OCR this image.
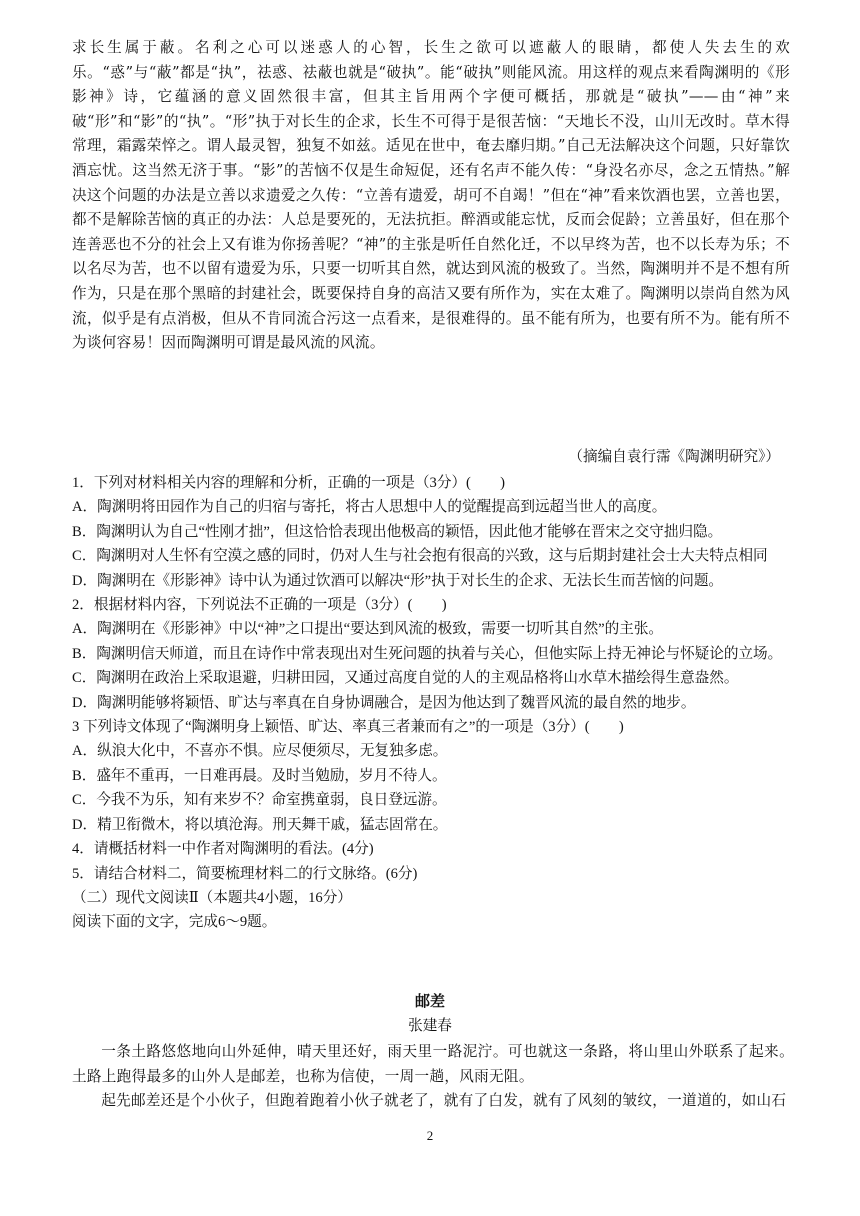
求长生属于蔽。名利之心可以迷惑人的心智，长生之欲可以遮蔽人的眼睛，都使人失去生的欢乐。“惑”与“蔽”都是“执”，祛惑、祛蔽也就是“破执”。能“破执”则能风流。用这样的观点来看陶渊明的《形影神》诗，它蕴涵的意义固然很丰富，但其主旨用两个字便可概括，那就是“破执”——由“神”来破“形”和“影”的“执”。“形”执于对长生的企求，长生不可得于是很苦恼：“天地长不没，山川无改时。草木得常理，霜露荣悴之。谓人最灵智，独复不如兹。适见在世中，奄去靡归期。”自己无法解决这个问题，只好靠饮酒忘忧。这当然无济于事。“影”的苦恼不仅是生命短促，还有名声不能久传：“身没名亦尽，念之五情热。”解决这个问题的办法是立善以求遗爱之久传：“立善有遗爱，胡可不自竭！”但在“神”看来饮酒也罢，立善也罢，都不是解除苦恼的真正的办法：人总是要死的，无法抗拒。醉酒或能忘忧，反而会促龄；立善虽好，但在那个连善恶也不分的社会上又有谁为你扬善呢？“神”的主张是听任自然化迁，不以早终为苦，也不以长寿为乐；不以名尽为苦，也不以留有遗爱为乐，只要一切听其自然，就达到风流的极致了。当然，陶渊明并不是不想有所作为，只是在那个黑暗的封建社会，既要保持自身的高洁又要有所作为，实在太难了。陶渊明以崇尚自然为风流，似乎是有点消极，但从不肯同流合污这一点看来，是很难得的。虽不能有所为，也要有所不为。能有所不为谈何容易！因而陶渊明可谓是最风流的风流。

（摘编自袁行霈《陶渊明研究》）
1．下列对材料相关内容的理解和分析，正确的一项是（3分）(　　)
A．陶渊明将田园作为自己的归宿与寄托，将古人思想中人的觉醒提高到远超当世人的高度。
B．陶渊明认为自己“性刚才拙”，但这恰恰表现出他极高的颖悟，因此他才能够在晋宋之交守拙归隐。
C．陶渊明对人生怀有空漠之感的同时，仍对人生与社会抱有很高的兴致，这与后期封建社会士大夫特点相同
D．陶渊明在《形影神》诗中认为通过饮酒可以解决“形”执于对长生的企求、无法长生而苦恼的问题。
2．根据材料内容，下列说法不正确的一项是（3分）(　　)
A．陶渊明在《形影神》中以“神”之口提出“要达到风流的极致，需要一切听其自然”的主张。
B．陶渊明信天师道，而且在诗作中常表现出对生死问题的执着与关心，但他实际上持无神论与怀疑论的立场。
C．陶渊明在政治上采取退避，归耕田园，又通过高度自觉的人的主观品格将山水草木描绘得生意盎然。
D．陶渊明能够将颖悟、旷达与率真在自身协调融合，是因为他达到了魏晋风流的最自然的地步。
3 下列诗文体现了“陶渊明身上颖悟、旷达、率真三者兼而有之”的一项是（3分）(　　)
A．纵浪大化中，不喜亦不惧。应尽便须尽，无复独多虑。
B．盛年不重再，一日难再晨。及时当勉励，岁月不待人。
C．今我不为乐，知有来岁不？命室携童弱，良日登远游。
D．精卫衔微木，将以填沧海。刑天舞干戚，猛志固常在。
4．请概括材料一中作者对陶渊明的看法。(4分)
5．请结合材料二，简要梳理材料二的行文脉络。(6分)
（二）现代文阅读Ⅱ（本题共4小题，16分）
阅读下面的文字，完成6～9题。
邮差
张建春

一条土路悠悠地向山外延伸，晴天里还好，雨天里一路泥泞。可也就这一条路，将山里山外联系了起来。土路上跑得最多的山外人是邮差，也称为信使，一周一趟，风雨无阻。

起先邮差还是个小伙子，但跑着跑着小伙子就老了，就有了白发，就有了风刻的皱纹，一道道的，如山石

2
